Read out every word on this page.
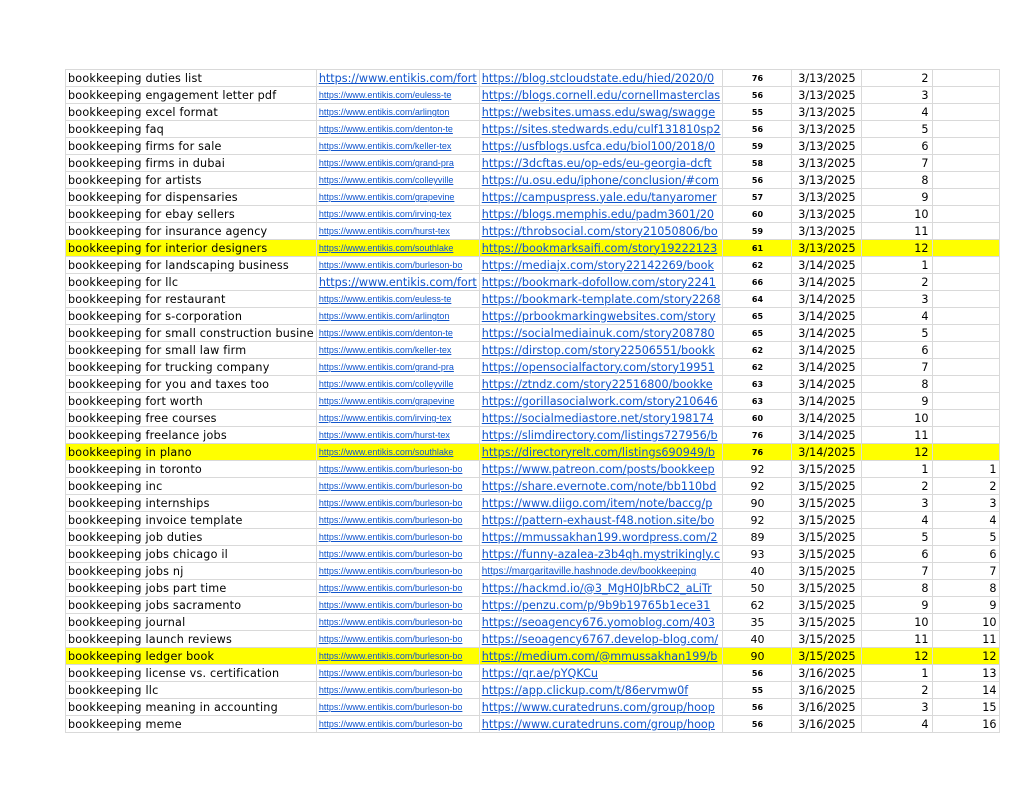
bookkeeping duties list	https://www.entikis.com/fort	https://blog.stcloudstate.edu/hied/2020/0	76	3/13/2025	2	
bookkeeping engagement letter pdf	https://www.entikis.com/euless-te	https://blogs.cornell.edu/cornellmasterclas	56	3/13/2025	3	
bookkeeping excel format	https://www.entikis.com/arlington	https://websites.umass.edu/swag/swagge	55	3/13/2025	4	
bookkeeping faq	https://www.entikis.com/denton-te	https://sites.stedwards.edu/culf131810sp2	56	3/13/2025	5	
bookkeeping firms for sale	https://www.entikis.com/keller-tex	https://usfblogs.usfca.edu/biol100/2018/0	59	3/13/2025	6	
bookkeeping firms in dubai	https://www.entikis.com/grand-pra	https://3dcftas.eu/op-eds/eu-georgia-dcft	58	3/13/2025	7	
bookkeeping for artists	https://www.entikis.com/colleyville	https://u.osu.edu/iphone/conclusion/#com	56	3/13/2025	8	
bookkeeping for dispensaries	https://www.entikis.com/grapevine	https://campuspress.yale.edu/tanyaromer	57	3/13/2025	9	
bookkeeping for ebay sellers	https://www.entikis.com/irving-tex	https://blogs.memphis.edu/padm3601/20	60	3/13/2025	10	
bookkeeping for insurance agency	https://www.entikis.com/hurst-tex	https://throbsocial.com/story21050806/bo	59	3/13/2025	11	
bookkeeping for interior designers	https://www.entikis.com/southlake	https://bookmarksaifi.com/story19222123	61	3/13/2025	12	
bookkeeping for landscaping business	https://www.entikis.com/burleson-bo	https://mediajx.com/story22142269/book	62	3/14/2025	1	
bookkeeping for llc	https://www.entikis.com/fort	https://bookmark-dofollow.com/story2241	66	3/14/2025	2	
bookkeeping for restaurant	https://www.entikis.com/euless-te	https://bookmark-template.com/story2268	64	3/14/2025	3	
bookkeeping for s-corporation	https://www.entikis.com/arlington	https://prbookmarkingwebsites.com/story	65	3/14/2025	4	
bookkeeping for small construction busine	https://www.entikis.com/denton-te	https://socialmediainuk.com/story208780	65	3/14/2025	5	
bookkeeping for small law firm	https://www.entikis.com/keller-tex	https://dirstop.com/story22506551/bookk	62	3/14/2025	6	
bookkeeping for trucking company	https://www.entikis.com/grand-pra	https://opensocialfactory.com/story19951	62	3/14/2025	7	
bookkeeping for you and taxes too	https://www.entikis.com/colleyville	https://ztndz.com/story22516800/bookke	63	3/14/2025	8	
bookkeeping fort worth	https://www.entikis.com/grapevine	https://gorillasocialwork.com/story210646	63	3/14/2025	9	
bookkeeping free courses	https://www.entikis.com/irving-tex	https://socialmediastore.net/story198174	60	3/14/2025	10	
bookkeeping freelance jobs	https://www.entikis.com/hurst-tex	https://slimdirectory.com/listings727956/b	76	3/14/2025	11	
bookkeeping in plano	https://www.entikis.com/southlake	https://directoryrelt.com/listings690949/b	76	3/14/2025	12	
bookkeeping in toronto	https://www.entikis.com/burleson-bo	https://www.patreon.com/posts/bookkeep	92	3/15/2025	1	1
bookkeeping inc	https://www.entikis.com/burleson-bo	https://share.evernote.com/note/bb110bd	92	3/15/2025	2	2
bookkeeping internships	https://www.entikis.com/burleson-bo	https://www.diigo.com/item/note/baccg/p	90	3/15/2025	3	3
bookkeeping invoice template	https://www.entikis.com/burleson-bo	https://pattern-exhaust-f48.notion.site/bo	92	3/15/2025	4	4
bookkeeping job duties	https://www.entikis.com/burleson-bo	https://mmussakhan199.wordpress.com/2	89	3/15/2025	5	5
bookkeeping jobs chicago il	https://www.entikis.com/burleson-bo	https://funny-azalea-z3b4qh.mystrikingly.c	93	3/15/2025	6	6
bookkeeping jobs nj	https://www.entikis.com/burleson-bo	https://margaritaville.hashnode.dev/bookkeeping	40	3/15/2025	7	7
bookkeeping jobs part time	https://www.entikis.com/burleson-bo	https://hackmd.io/@3_MgH0JbRbC2_aLiTr	50	3/15/2025	8	8
bookkeeping jobs sacramento	https://www.entikis.com/burleson-bo	https://penzu.com/p/9b9b19765b1ece31	62	3/15/2025	9	9
bookkeeping journal	https://www.entikis.com/burleson-bo	https://seoagency676.yomoblog.com/403	35	3/15/2025	10	10
bookkeeping launch reviews	https://www.entikis.com/burleson-bo	https://seoagency6767.develop-blog.com/	40	3/15/2025	11	11
bookkeeping ledger book	https://www.entikis.com/burleson-bo	https://medium.com/@mmussakhan199/b	90	3/15/2025	12	12
bookkeeping license vs. certification	https://www.entikis.com/burleson-bo	https://qr.ae/pYQKCu	56	3/16/2025	1	13
bookkeeping llc	https://www.entikis.com/burleson-bo	https://app.clickup.com/t/86ervmw0f	55	3/16/2025	2	14
bookkeeping meaning in accounting	https://www.entikis.com/burleson-bo	https://www.curatedruns.com/group/hoop	56	3/16/2025	3	15
bookkeeping meme	https://www.entikis.com/burleson-bo	https://www.curatedruns.com/group/hoop	56	3/16/2025	4	16
